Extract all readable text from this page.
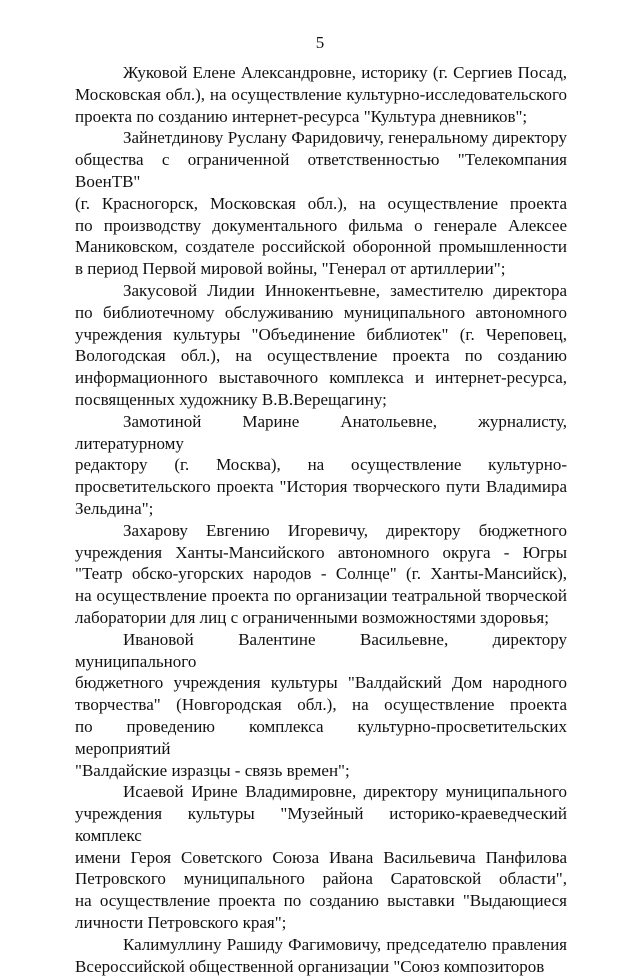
5
Жуковой Елене Александровне, историку (г. Сергиев Посад,
Московская обл.), на осуществление культурно-исследовательского
проекта по созданию интернет-ресурса "Культура дневников";
Зайнетдинову Руслану Фаридовичу, генеральному директору
общества с ограниченной ответственностью "Телекомпания ВоенТВ"
(г. Красногорск, Московская обл.), на осуществление проекта
по производству документального фильма о генерале Алексее
Маниковском, создателе российской оборонной промышленности
в период Первой мировой войны, "Генерал от артиллерии";
Закусовой Лидии Иннокентьевне, заместителю директора
по библиотечному обслуживанию муниципального автономного
учреждения культуры "Объединение библиотек" (г. Череповец,
Вологодская обл.), на осуществление проекта по созданию
информационного выставочного комплекса и интернет-ресурса,
посвященных художнику В.В.Верещагину;
Замотиной Марине Анатольевне, журналисту, литературному
редактору (г. Москва), на осуществление культурно-
просветительского проекта "История творческого пути Владимира
Зельдина";
Захарову Евгению Игоревичу, директору бюджетного
учреждения Ханты-Мансийского автономного округа - Югры
"Театр обско-угорских народов - Солнце" (г. Ханты-Мансийск),
на осуществление проекта по организации театральной творческой
лаборатории для лиц с ограниченными возможностями здоровья;
Ивановой Валентине Васильевне, директору муниципального
бюджетного учреждения культуры "Валдайский Дом народного
творчества" (Новгородская обл.), на осуществление проекта
по проведению комплекса культурно-просветительских мероприятий
"Валдайские изразцы - связь времен";
Исаевой Ирине Владимировне, директору муниципального
учреждения культуры "Музейный историко-краеведческий комплекс
имени Героя Советского Союза Ивана Васильевича Панфилова
Петровского муниципального района Саратовской области",
на осуществление проекта по созданию выставки "Выдающиеся
личности Петровского края";
Калимуллину Рашиду Фагимовичу, председателю правления
Всероссийской общественной организации "Союз композиторов
